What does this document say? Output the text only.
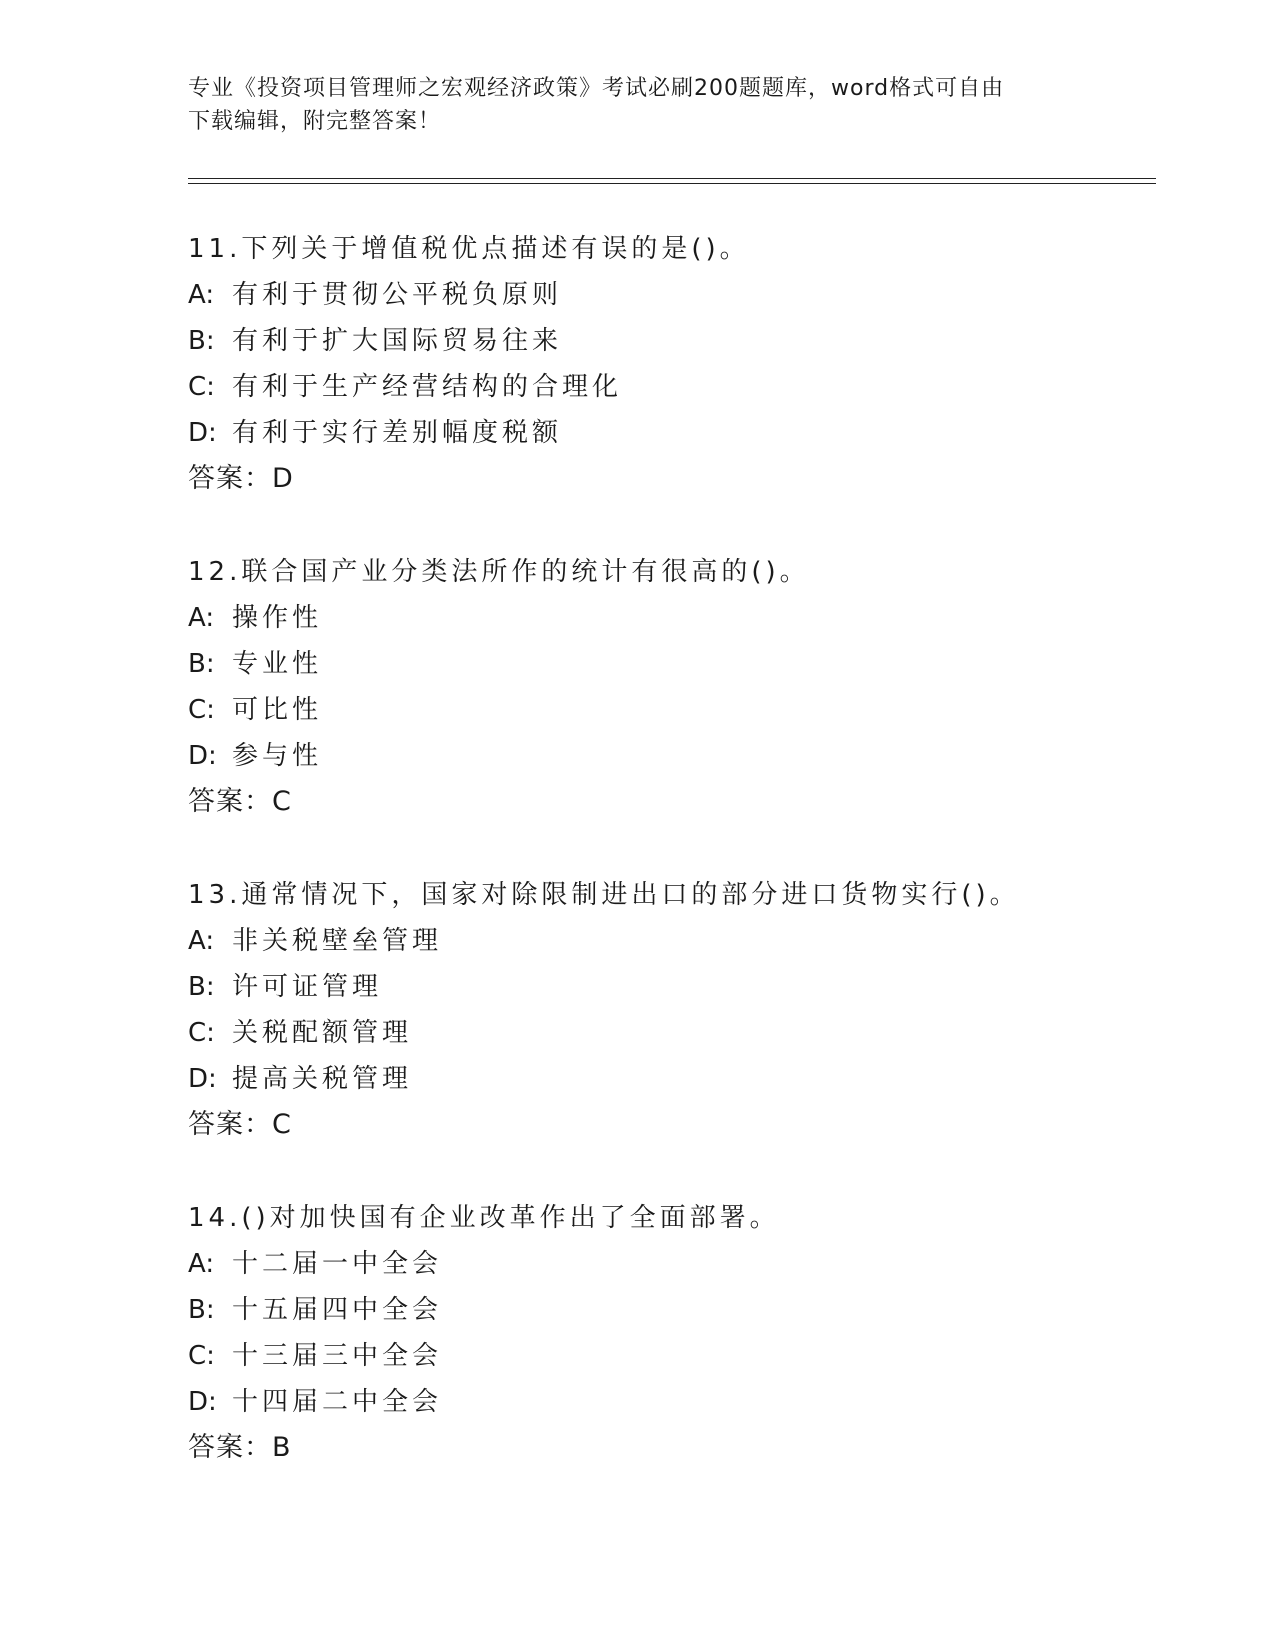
专业《投资项目管理师之宏观经济政策》考试必刷200题题库，word格式可自由
下载编辑，附完整答案！
11.下列关于增值税优点描述有误的是()。
A: 有利于贯彻公平税负原则
B: 有利于扩大国际贸易往来
C: 有利于生产经营结构的合理化
D: 有利于实行差别幅度税额
答案：D
12.联合国产业分类法所作的统计有很高的()。
A: 操作性
B: 专业性
C: 可比性
D: 参与性
答案：C
13.通常情况下，国家对除限制进出口的部分进口货物实行()。
A: 非关税壁垒管理
B: 许可证管理
C: 关税配额管理
D: 提高关税管理
答案：C
14.()对加快国有企业改革作出了全面部署。
A: 十二届一中全会
B: 十五届四中全会
C: 十三届三中全会
D: 十四届二中全会
答案：B
